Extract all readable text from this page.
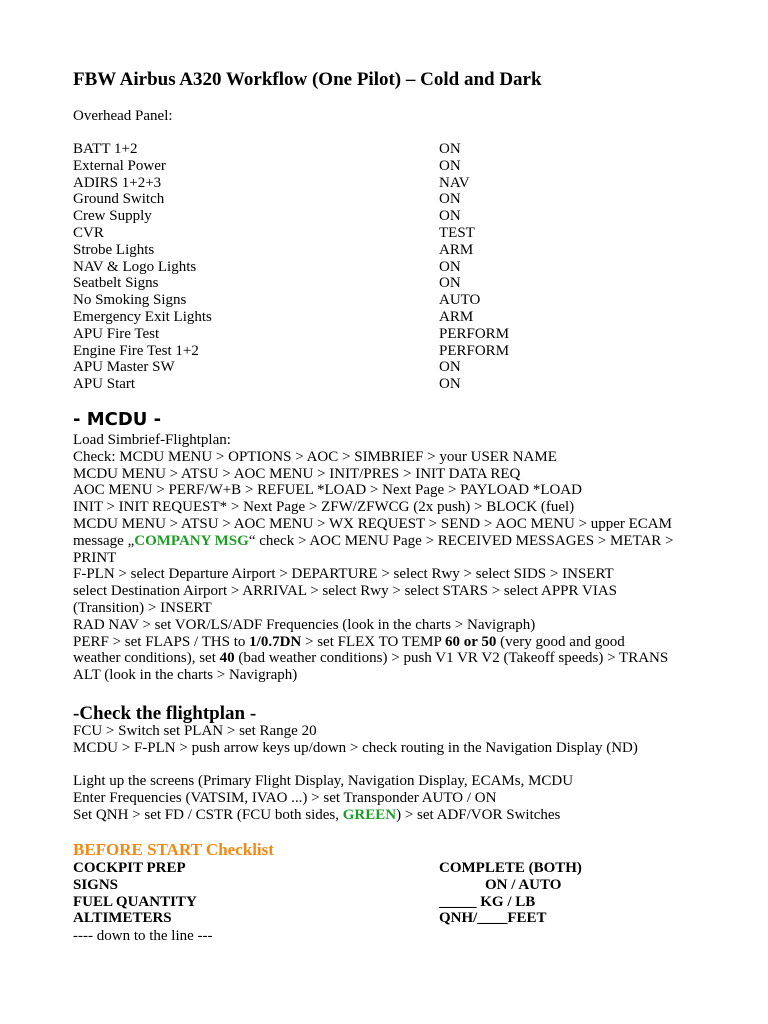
FBW Airbus A320 Workflow (One Pilot) – Cold and Dark
Overhead Panel:
BATT 1+2	ON
External Power	ON
ADIRS 1+2+3	NAV
Ground Switch	ON
Crew Supply	ON
CVR	TEST
Strobe Lights	ARM
NAV & Logo Lights	ON
Seatbelt Signs	ON
No Smoking Signs	AUTO
Emergency Exit Lights	ARM
APU Fire Test	PERFORM
Engine Fire Test 1+2	PERFORM
APU Master SW	ON
APU Start	ON
- MCDU -
Load Simbrief-Flightplan:
Check: MCDU MENU > OPTIONS > AOC > SIMBRIEF > your USER NAME
MCDU MENU > ATSU > AOC MENU > INIT/PRES > INIT DATA REQ
AOC MENU > PERF/W+B > REFUEL *LOAD > Next Page > PAYLOAD *LOAD
INIT > INIT REQUEST* > Next Page > ZFW/ZFWCG (2x push) > BLOCK (fuel)
MCDU MENU > ATSU > AOC MENU > WX REQUEST > SEND > AOC MENU > upper ECAM
message „COMPANY MSG“ check > AOC MENU Page > RECEIVED MESSAGES > METAR >
PRINT
F-PLN > select Departure Airport > DEPARTURE > select Rwy > select SIDS > INSERT
select Destination Airport > ARRIVAL > select Rwy > select STARS > select APPR VIAS
(Transition) > INSERT
RAD NAV > set VOR/LS/ADF Frequencies (look in the charts > Navigraph)
PERF > set FLAPS / THS to 1/0.7DN > set FLEX TO TEMP 60 or 50 (very good and good
weather conditions), set 40 (bad weather conditions) > push V1 VR V2 (Takeoff speeds) > TRANS
ALT (look in the charts > Navigraph)
-Check the flightplan -
FCU > Switch set PLAN > set Range 20
MCDU > F-PLN > push arrow keys up/down > check routing in the Navigation Display (ND)
Light up the screens (Primary Flight Display, Navigation Display, ECAMs, MCDU
Enter Frequencies (VATSIM, IVAO ...) > set Transponder AUTO / ON
Set QNH > set FD / CSTR (FCU both sides, GREEN) > set ADF/VOR Switches
BEFORE START Checklist
COCKPIT PREP	COMPLETE (BOTH)
SIGNS	ON / AUTO
FUEL QUANTITY	_____ KG / LB
ALTIMETERS	QNH/____FEET
---- down to the line ---
